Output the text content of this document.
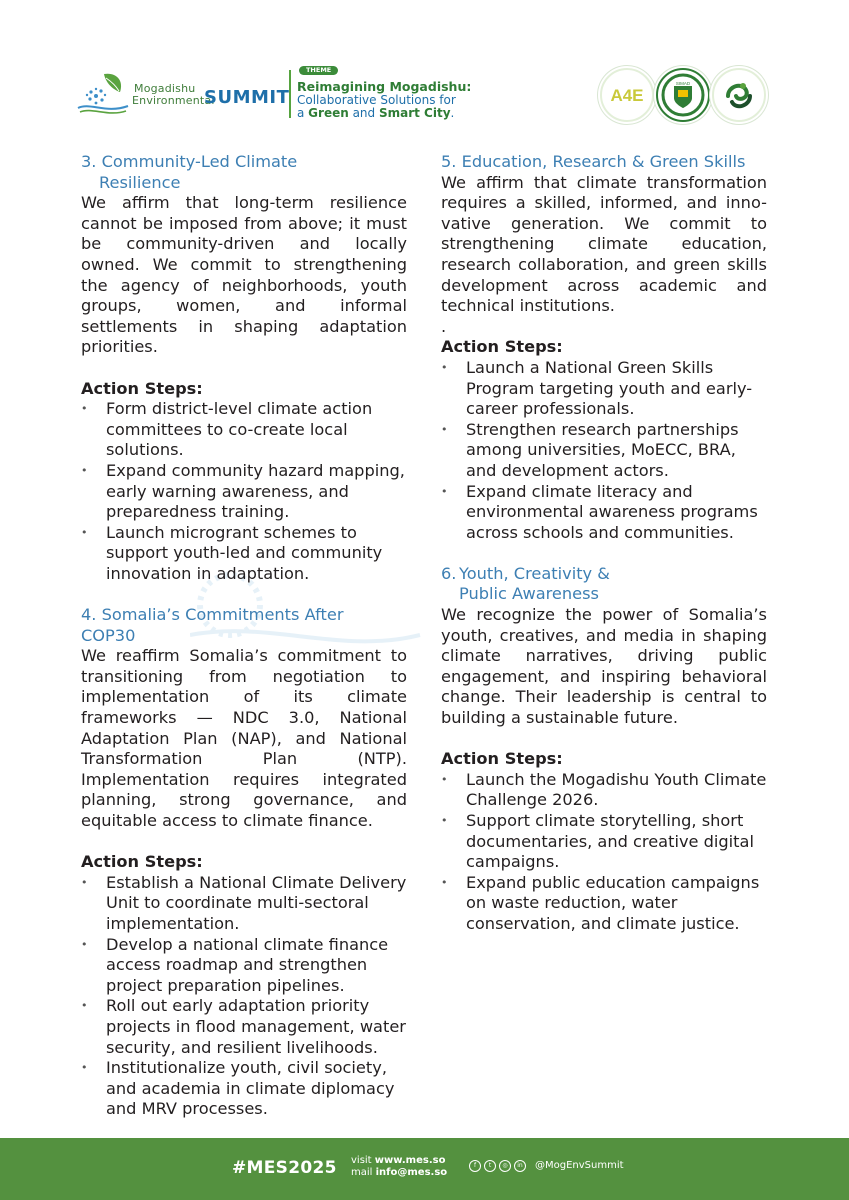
Mogadishu
Environmental
SUMMIT
THEME
Reimagining Mogadishu:
Collaborative Solutions for
a Green and Smart City.
A4E
SIMAD
3. Community-Led Climate
Resilience
We affirm that long-term resilience cannot be imposed from above; it must be community-driven and locally owned. We commit to strengthening the agency of neighborhoods, youth groups, women, and informal settlements in shaping adaptation priorities.
Action Steps:
• Form district-level climate action committees to co-create local solutions.
• Expand community hazard mapping, early warning awareness, and preparedness training.
• Launch microgrant schemes to support youth-led and community innovation in adaptation.
4. Somalia’s Commitments After
COP30
We reaffirm Somalia’s commitment to transitioning from negotiation to implementation of its climate frameworks — NDC 3.0, National Adaptation Plan (NAP), and National Transformation Plan (NTP). Implementation requires integrated planning, strong governance, and equitable access to climate finance.
Action Steps:
• Establish a National Climate Delivery Unit to coordinate multi-sectoral implementation.
• Develop a national climate finance access roadmap and strengthen project preparation pipelines.
• Roll out early adaptation priority projects in flood management, water security, and resilient livelihoods.
• Institutionalize youth, civil society, and academia in climate diplomacy and MRV processes.
5. Education, Research & Green Skills
We affirm that climate transformation requires a skilled, informed, and inno-vative generation. We commit to strengthening climate education, research collaboration, and green skills development across academic and technical institutions.
.
Action Steps:
• Launch a National Green Skills Program targeting youth and early-career professionals.
• Strengthen research partnerships among universities, MoECC, BRA, and development actors.
• Expand climate literacy and environmental awareness programs across schools and communities.
6. Youth, Creativity &
Public Awareness
We recognize the power of Somalia’s youth, creatives, and media in shaping climate narratives, driving public engagement, and inspiring behavioral change. Their leadership is central to building a sustainable future.
Action Steps:
• Launch the Mogadishu Youth Climate Challenge 2026.
• Support climate storytelling, short documentaries, and creative digital campaigns.
• Expand public education campaigns on waste reduction, water conservation, and climate justice.
#MES2025 visit www.mes.so
mail info@mes.so
f	t	◎	in	@MogEnvSummit
